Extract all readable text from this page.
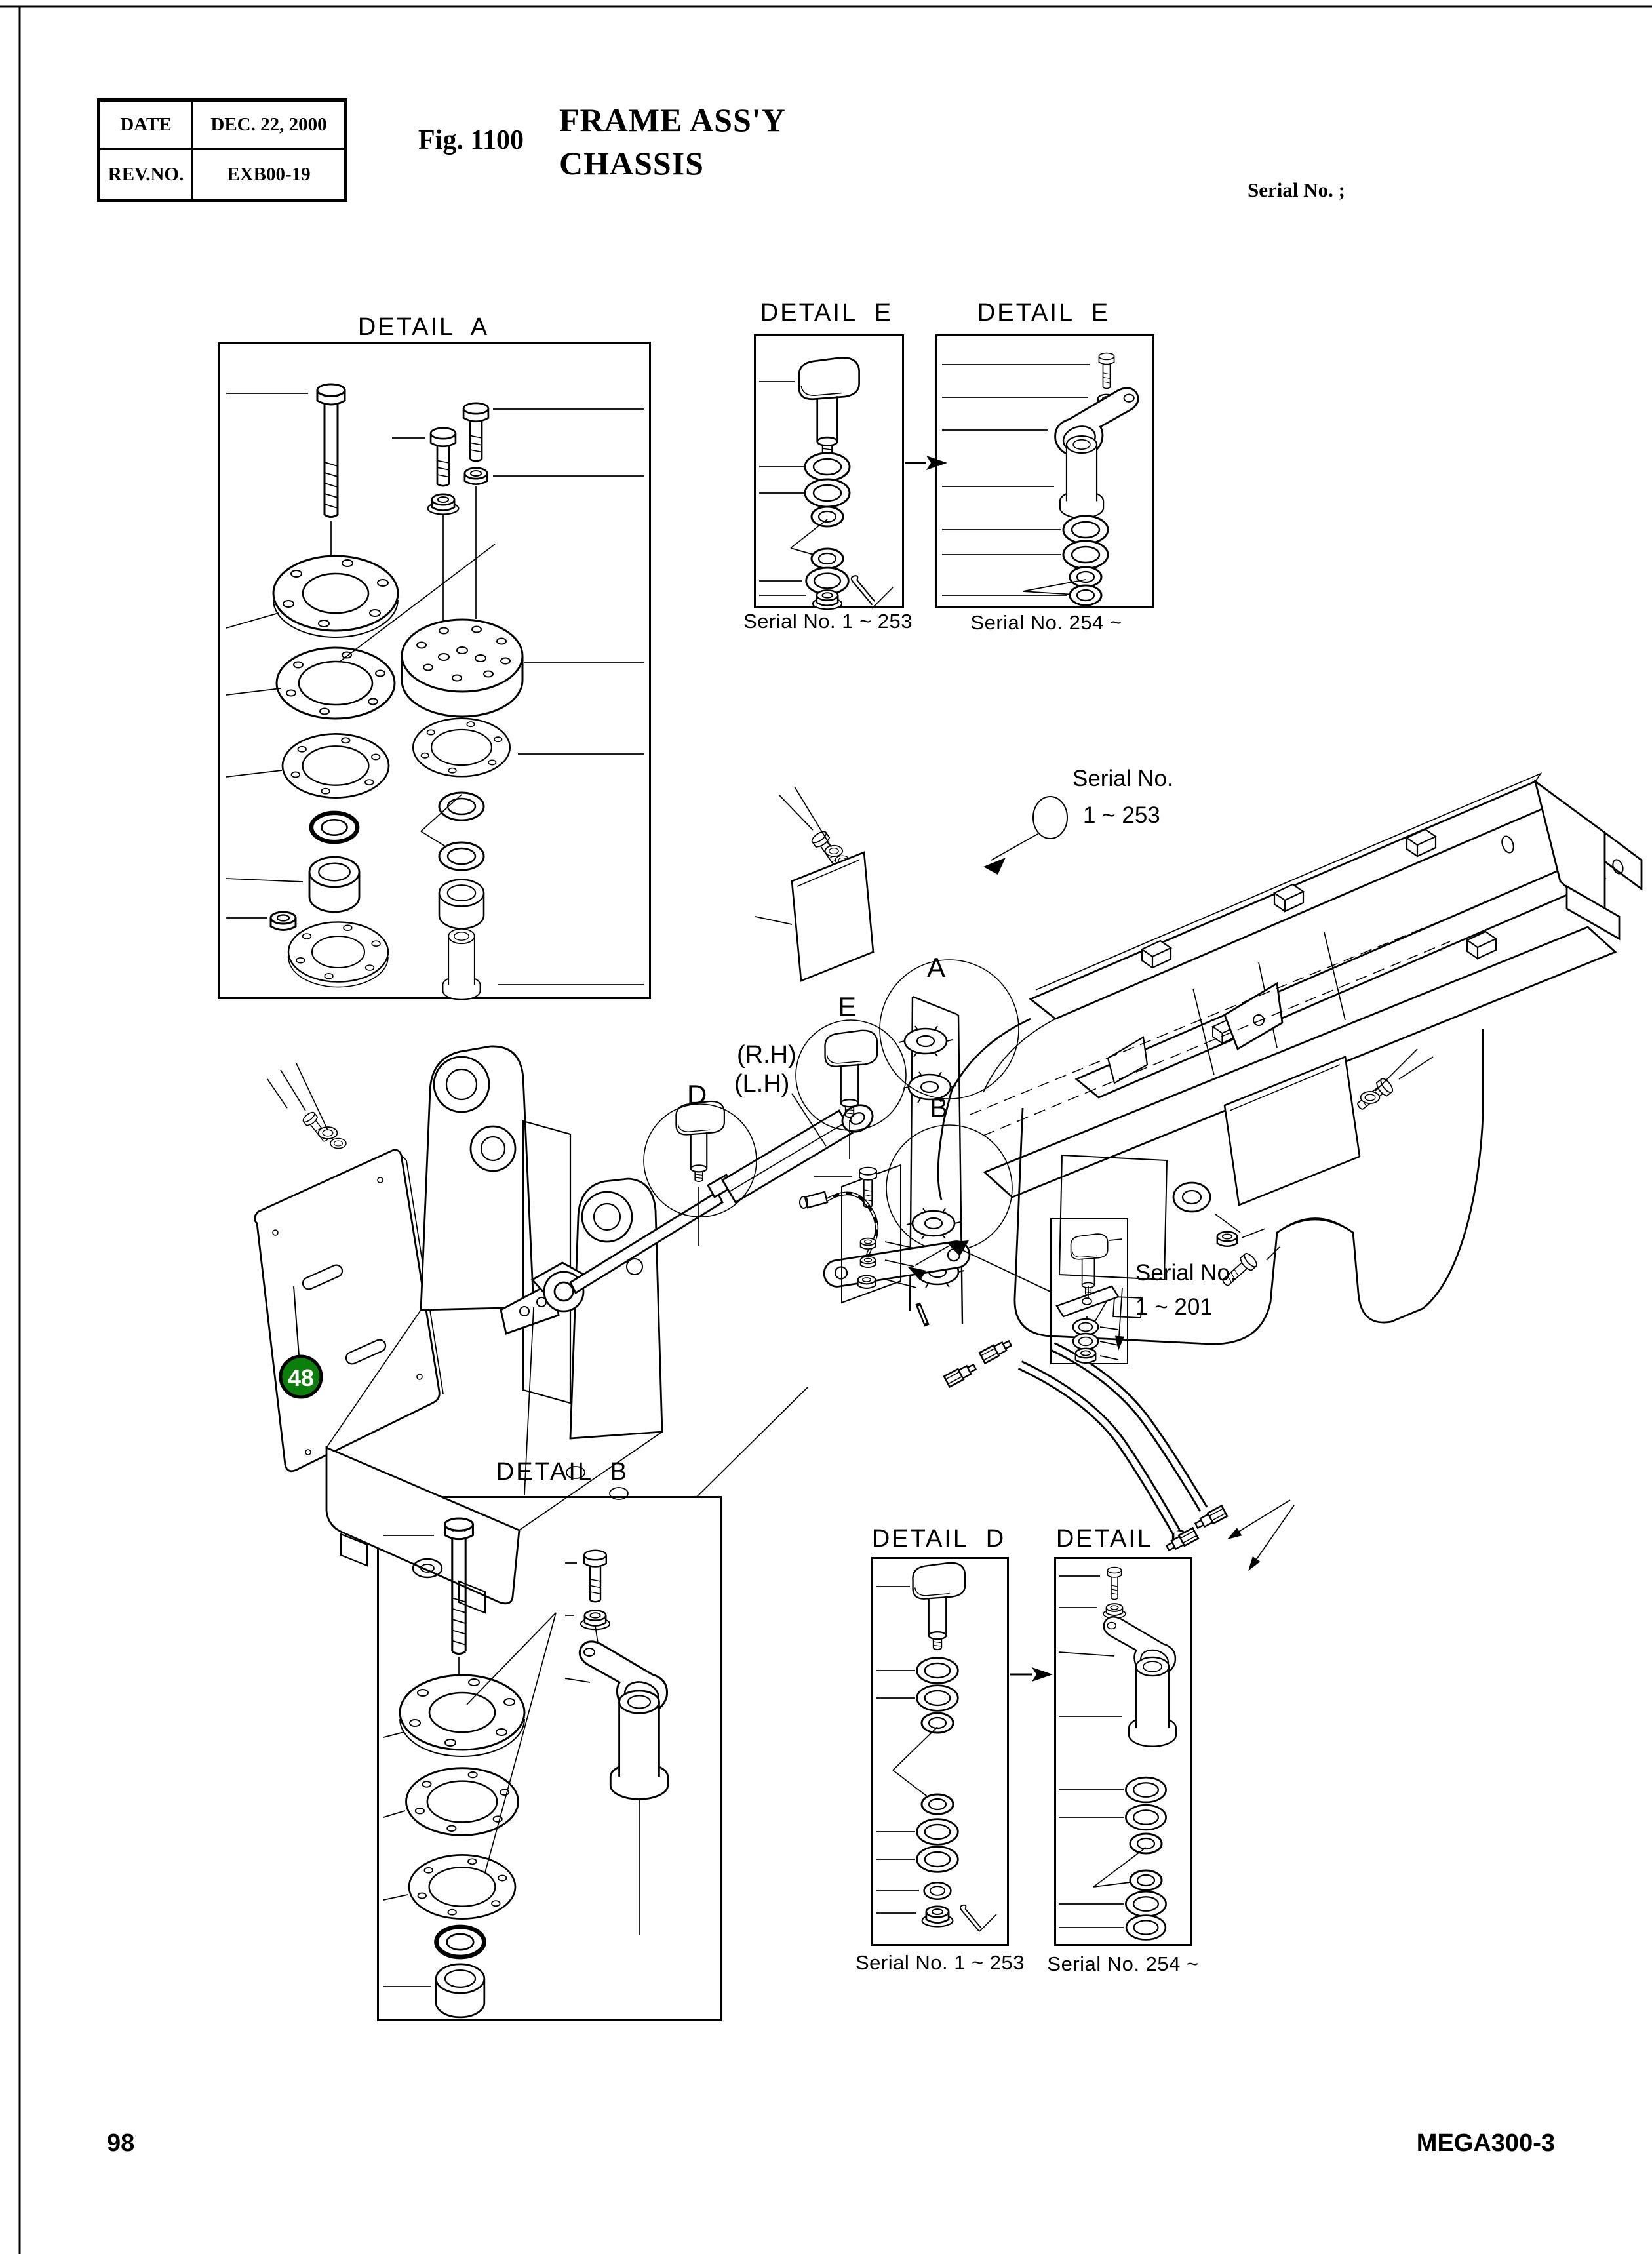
DATE	DEC. 22, 2000
REV.NO.	EXB00-19
Fig. 1100
FRAME ASS'Y
CHASSIS
Serial No. ;
DETAIL  A
DETAIL  E	DETAIL  E
Serial No. 1 ~ 253	Serial No. 254 ~
DETAIL  B
DETAIL  D DETAIL  D
Serial No. 1 ~ 253 Serial No. 254 ~
Serial No.
1 ~ 253
Serial No.
1 ~ 201
A
E
D	B
(R.H)
(L.H)
98	MEGA300-3
48
